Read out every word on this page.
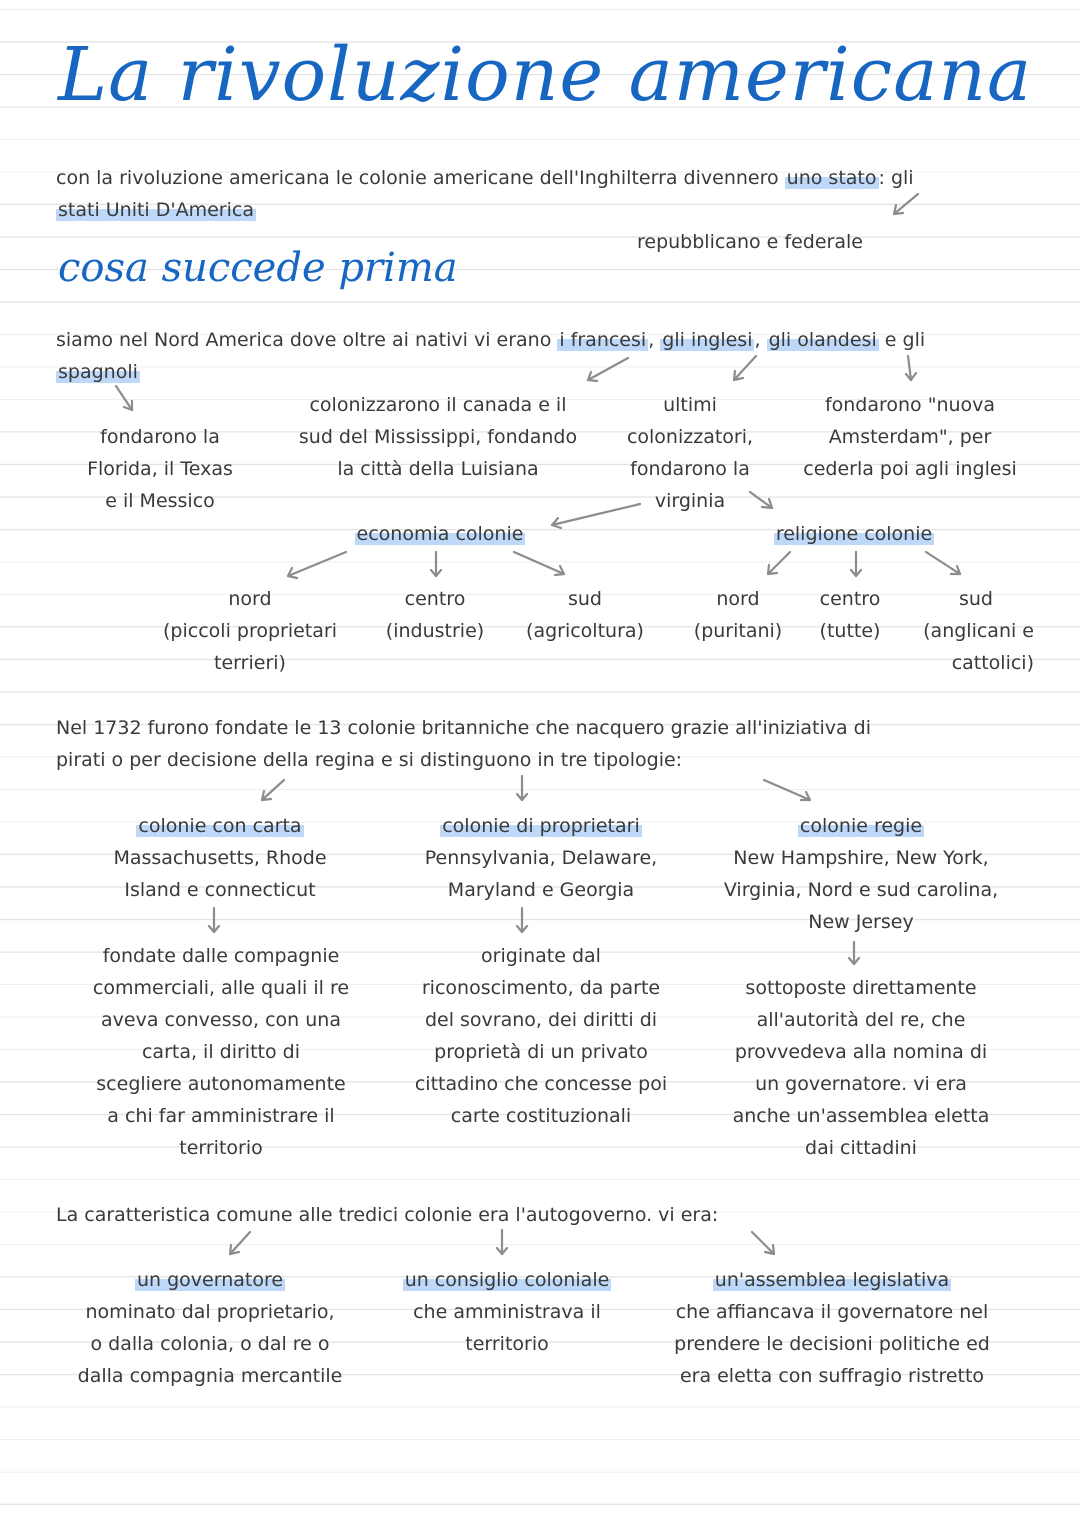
La rivoluzione americana
con la rivoluzione americana le colonie americane dell'Inghilterra divennero uno stato : gli
stati Uniti D'America
repubblicano e federale
cosa succede prima
siamo nel Nord America dove oltre ai nativi vi erano i francesi , gli inglesi , gli olandesi e gli
spagnoli
fondarono la
Florida, il Texas
e il Messico
colonizzarono il canada e il
sud del Mississippi, fondando
la città della Luisiana
ultimi
colonizzatori,
fondarono la
virginia
fondarono "nuova
Amsterdam", per
cederla poi agli inglesi
economia colonie	religione colonie
nord
(piccoli proprietari
terrieri)
centro
(industrie)
sud
(agricoltura)
nord
(puritani)
centro
(tutte)
sud
(anglicani e
cattolici)
Nel 1732 furono fondate le 13 colonie britanniche che nacquero grazie all'iniziativa di
pirati o per decisione della regina e si distinguono in tre tipologie:
colonie con carta
Massachusetts, Rhode
Island e connecticut
colonie di proprietari
Pennsylvania, Delaware,
Maryland e Georgia
colonie regie
New Hampshire, New York,
Virginia, Nord e sud carolina,
New Jersey
fondate dalle compagnie
commerciali, alle quali il re
aveva convesso, con una
carta, il diritto di
scegliere autonomamente
a chi far amministrare il
territorio
originate dal
riconoscimento, da parte
del sovrano, dei diritti di
proprietà di un privato
cittadino che concesse poi
carte costituzionali
sottoposte direttamente
all'autorità del re, che
provvedeva alla nomina di
un governatore. vi era
anche un'assemblea eletta
dai cittadini
La caratteristica comune alle tredici colonie era l'autogoverno. vi era:
un governatore
nominato dal proprietario,
o dalla colonia, o dal re o
dalla compagnia mercantile
un consiglio coloniale
che amministrava il
territorio
un'assemblea legislativa
che affiancava il governatore nel
prendere le decisioni politiche ed
era eletta con suffragio ristretto
